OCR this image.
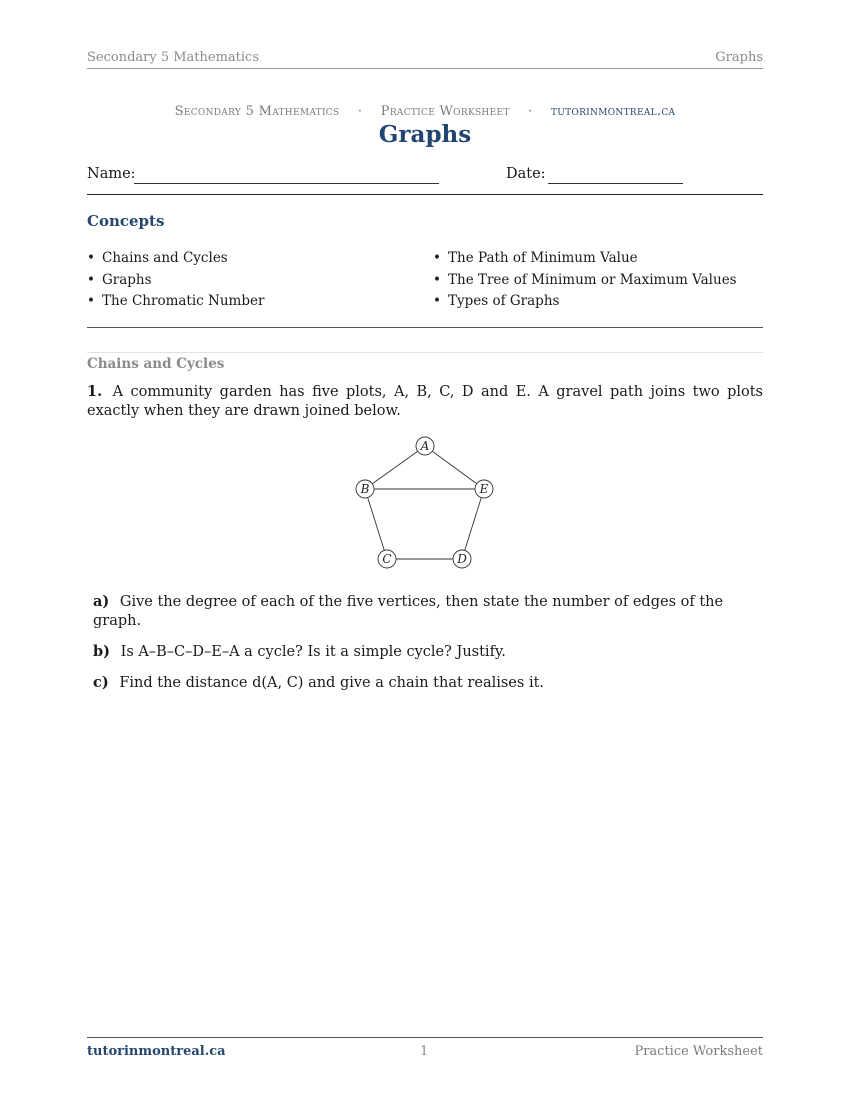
Secondary 5 Mathematics	Graphs
Secondary 5 Mathematics · Practice Worksheet · tutorinmontreal.ca
Graphs
Name:	Date:
Concepts
• Chains and Cycles
• Graphs
• The Chromatic Number
• The Path of Minimum Value
• The Tree of Minimum or Maximum Values
• Types of Graphs
Chains and Cycles
1. A community garden has five plots, A, B, C, D and E. A gravel path joins two plots exactly when they are drawn joined below.
A
B
C	D
E
a) Give the degree of each of the five vertices, then state the number of edges of the graph.
b) Is A–B–C–D–E–A a cycle? Is it a simple cycle? Justify.
c) Find the distance d(A, C) and give a chain that realises it.
tutorinmontreal.ca	1	Practice Worksheet
